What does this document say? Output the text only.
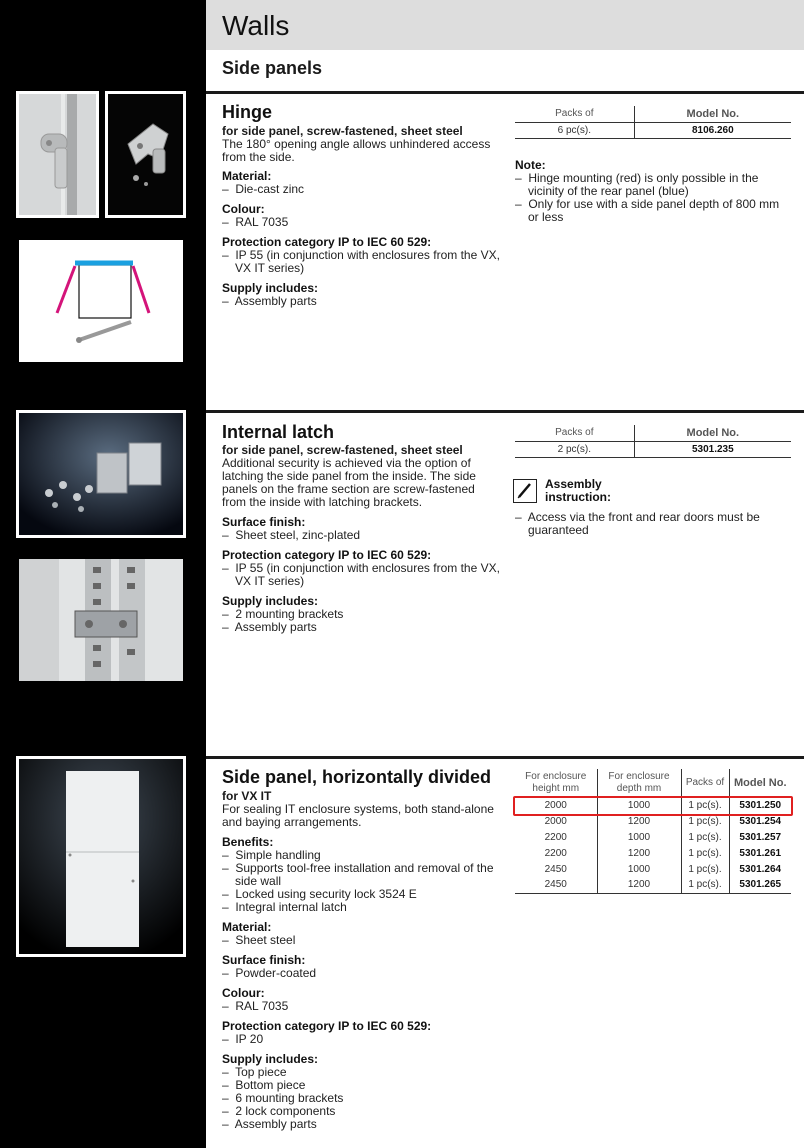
Walls
Side panels
Hinge
for side panel, screw-fastened, sheet steel
The 180° opening angle allows unhindered access
from the side.
Material:
–  Die-cast zinc
Colour:
–  RAL 7035
Protection category IP to IEC 60 529:
–  IP 55 (in conjunction with enclosures from the VX, VX IT series)
Supply includes:
–  Assembly parts
Packs of	Model No.
6 pc(s).	8106.260
Note:
–  Hinge mounting (red) is only possible in the vicinity of the rear panel (blue)
–  Only for use with a side panel depth of 800 mm or less
Internal latch
for side panel, screw-fastened, sheet steel
Additional security is achieved via the option of
latching the side panel from the inside. The side
panels on the frame section are screw-fastened
from the inside with latching brackets.
Surface finish:
–  Sheet steel, zinc-plated
Protection category IP to IEC 60 529:
–  IP 55 (in conjunction with enclosures from the VX, VX IT series)
Supply includes:
–  2 mounting brackets
–  Assembly parts
Packs of	Model No.
2 pc(s).	5301.235
Assembly instruction:
–  Access via the front and rear doors must be guaranteed
Side panel, horizontally divided
for VX IT
For sealing IT enclosure systems, both stand-alone
and baying arrangements.
Benefits:
–  Simple handling
–  Supports tool-free installation and removal of the side wall
–  Locked using security lock 3524 E
–  Integral internal latch
Material:
–  Sheet steel
Surface finish:
–  Powder-coated
Colour:
–  RAL 7035
Protection category IP to IEC 60 529:
–  IP 20
Supply includes:
–  Top piece
–  Bottom piece
–  6 mounting brackets
–  2 lock components
–  Assembly parts
For enclosure height mm	For enclosure depth mm	Packs of	Model No.
2000	1000	1 pc(s).	5301.250
2000	1200	1 pc(s).	5301.254
2200	1000	1 pc(s).	5301.257
2200	1200	1 pc(s).	5301.261
2450	1000	1 pc(s).	5301.264
2450	1200	1 pc(s).	5301.265
